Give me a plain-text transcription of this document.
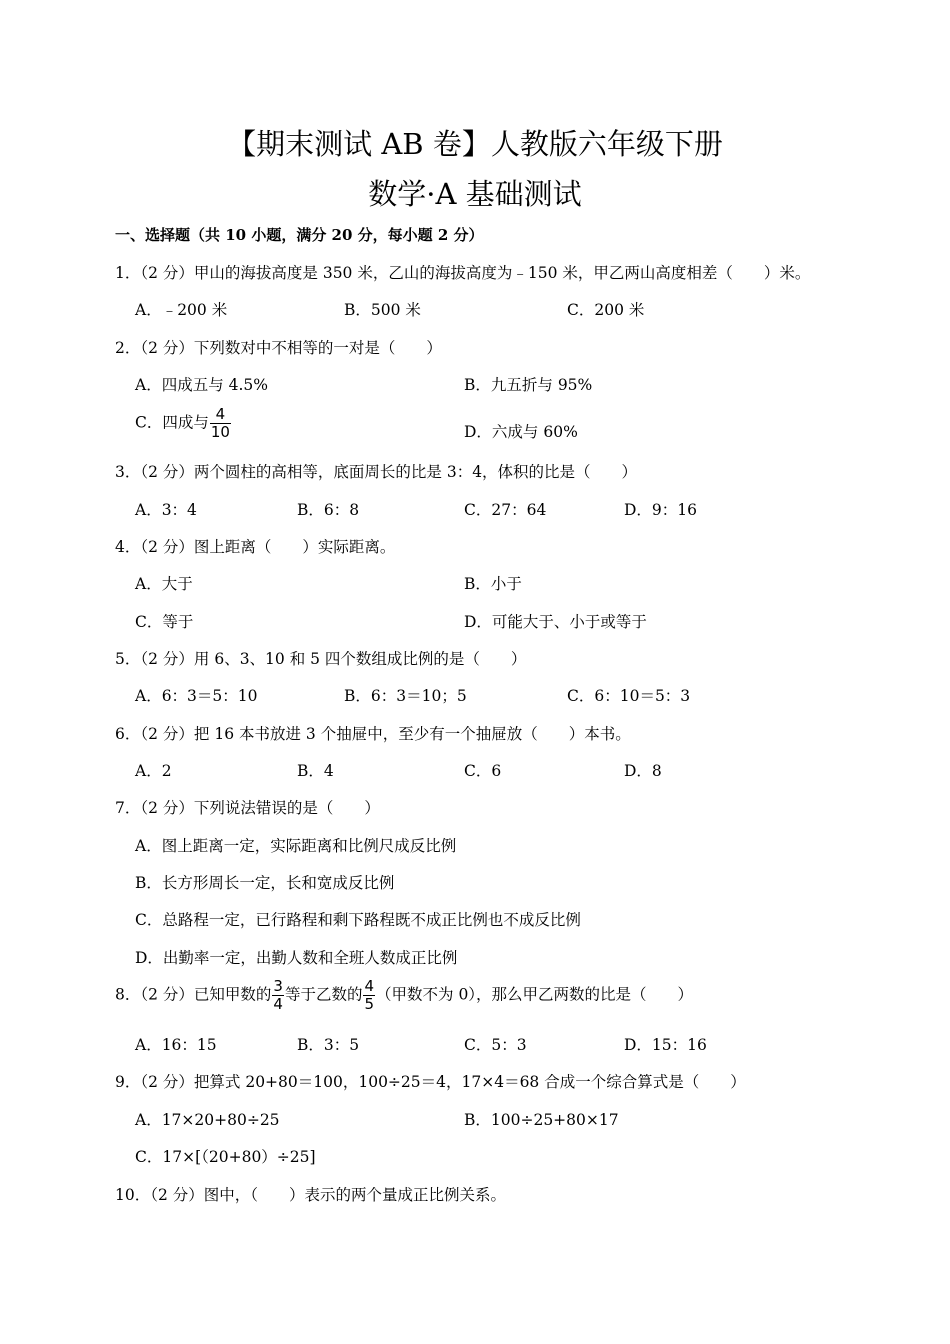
【期末测试 AB 卷】人教版六年级下册
数学·A 基础测试
一、选择题（共 10 小题，满分 20 分，每小题 2 分）
1．（2 分）甲山的海拔高度是 350 米，乙山的海拔高度为﹣150 米，甲乙两山高度相差（　　）米。
A．﹣200 米	B．500 米	C．200 米
2．（2 分）下列数对中不相等的一对是（　　）
A．四成五与 4.5%	B．九五折与 95%
C．四成与 $\frac{4}{10}$	D．六成与 60%
3．（2 分）两个圆柱的高相等，底面周长的比是 3：4，体积的比是（　　）
A．3：4	B．6：8	C．27：64	D．9：16
4．（2 分）图上距离（　　）实际距离。
A．大于	B．小于
C．等于	D．可能大于、小于或等于
5．（2 分）用 6、3、10 和 5 四个数组成比例的是（　　）
A．6：3＝5：10	B．6：3＝10；5	C．6：10＝5：3
6．（2 分）把 16 本书放进 3 个抽屉中，至少有一个抽屉放（　　）本书。
A．2	B．4	C．6	D．8
7．（2 分）下列说法错误的是（　　）
A．图上距离一定，实际距离和比例尺成反比例
B．长方形周长一定，长和宽成反比例
C．总路程一定，已行路程和剩下路程既不成正比例也不成反比例
D．出勤率一定，出勤人数和全班人数成正比例
8．（2 分）已知甲数的 $\frac{3}{4}$ 等于乙数的 $\frac{4}{5}$ （甲数不为 0），那么甲乙两数的比是（　　）
A．16：15	B．3：5	C．5：3	D．15：16
9．（2 分）把算式 20+80＝100，100÷25＝4，17×4＝68 合成一个综合算式是（　　）
A．17×20+80÷25	B．100÷25+80×17
C．17×[（20+80）÷25]
10．（2 分）图中，（　　）表示的两个量成正比例关系。
